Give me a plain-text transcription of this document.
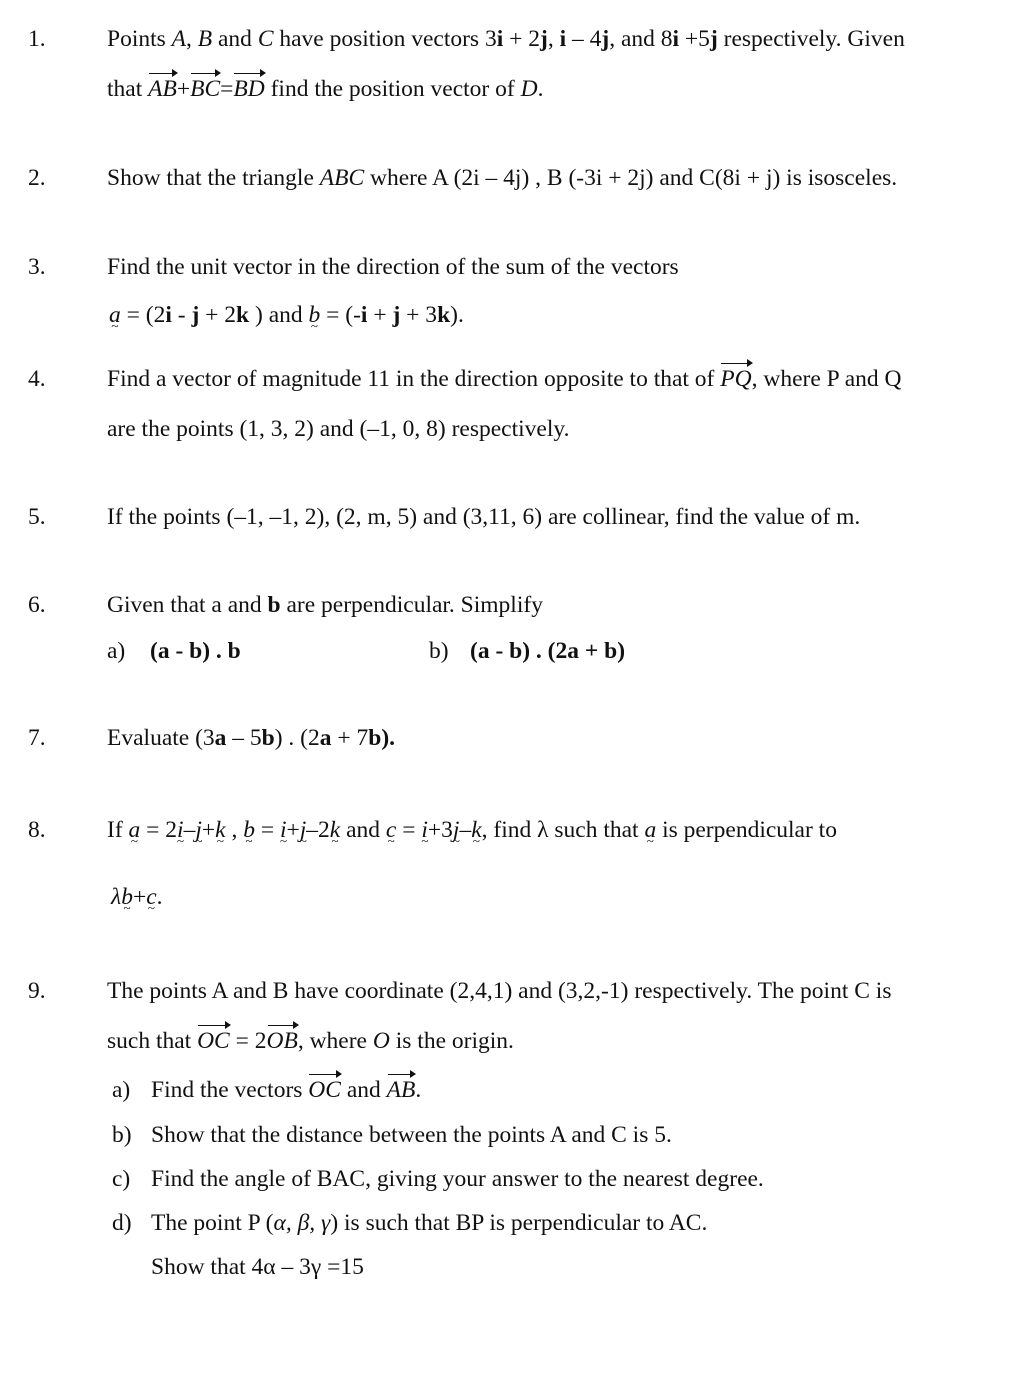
1.
2.
3.
4.
5.
6.
7.
8.
9.
Points A, B and C have position vectors 3i + 2j, i – 4j, and 8i +5j respectively. Given
that AB+BC=BD find the position vector of D.
Show that the triangle ABC where A (2i – 4j) , B (-3i + 2j) and C(8i + j) is isosceles.
Find the unit vector in the direction of the sum of the vectors
a ~ = (2i - j + 2k ) and b ~ = (-i + j + 3k).
Find a vector of magnitude 11 in the direction opposite to that of PQ, where P and Q
are the points (1, 3, 2) and (–1, 0, 8) respectively.
If the points (–1, –1, 2), (2, m, 5) and (3,11, 6) are collinear, find the value of m.
Given that a and b are perpendicular. Simplify
a) (a - b) . b	b) (a - b) . (2a + b)
Evaluate (3a – 5b) . (2a + 7b).
If a ~ = 2i ~–j ~+k ~ , b ~ = i ~+j ~–2k ~ and c ~ = i ~+3j ~–k ~, find λ such that a ~ is perpendicular to
λb ~+c ~.
The points A and B have coordinate (2,4,1) and (3,2,-1) respectively. The point C is
such that OC = 2OB, where O is the origin.
a) Find the vectors OC and AB.
b) Show that the distance between the points A and C is 5.
c) Find the angle of BAC, giving your answer to the nearest degree.
d) The point P (α, β, γ) is such that BP is perpendicular to AC.
Show that 4α – 3γ =15
